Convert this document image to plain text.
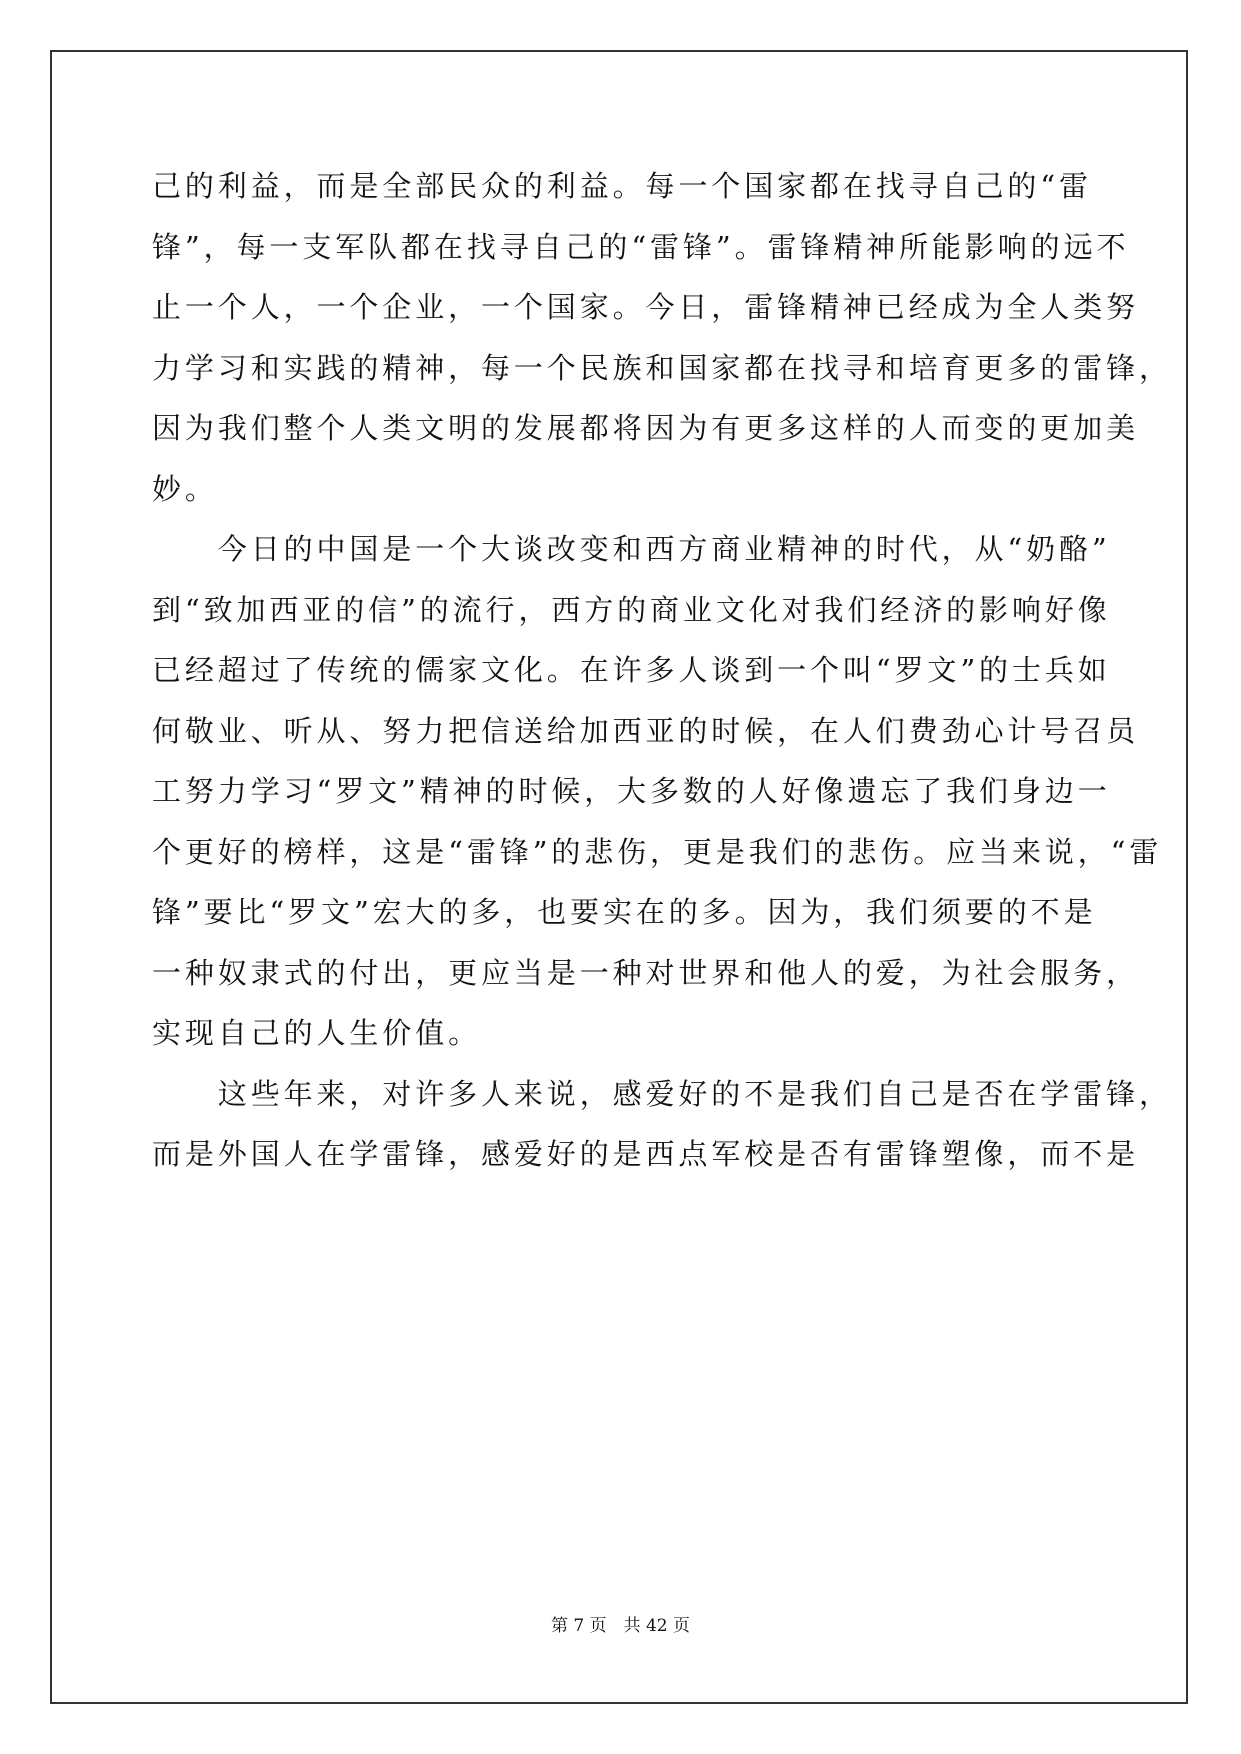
己的利益，而是全部民众的利益。每一个国家都在找寻自己的“雷
锋”，每一支军队都在找寻自己的“雷锋”。雷锋精神所能影响的远不
止一个人，一个企业，一个国家。今日，雷锋精神已经成为全人类努
力学习和实践的精神，每一个民族和国家都在找寻和培育更多的雷锋，
因为我们整个人类文明的发展都将因为有更多这样的人而变的更加美
妙。
　　今日的中国是一个大谈改变和西方商业精神的时代，从“奶酪”
到“致加西亚的信”的流行，西方的商业文化对我们经济的影响好像
已经超过了传统的儒家文化。在许多人谈到一个叫“罗文”的士兵如
何敬业、听从、努力把信送给加西亚的时候，在人们费劲心计号召员
工努力学习“罗文”精神的时候，大多数的人好像遗忘了我们身边一
个更好的榜样，这是“雷锋”的悲伤，更是我们的悲伤。应当来说，“雷
锋”要比“罗文”宏大的多，也要实在的多。因为，我们须要的不是
一种奴隶式的付出，更应当是一种对世界和他人的爱，为社会服务，
实现自己的人生价值。
　　这些年来，对许多人来说，感爱好的不是我们自己是否在学雷锋，
而是外国人在学雷锋，感爱好的是西点军校是否有雷锋塑像，而不是
第 7 页　共 42 页
